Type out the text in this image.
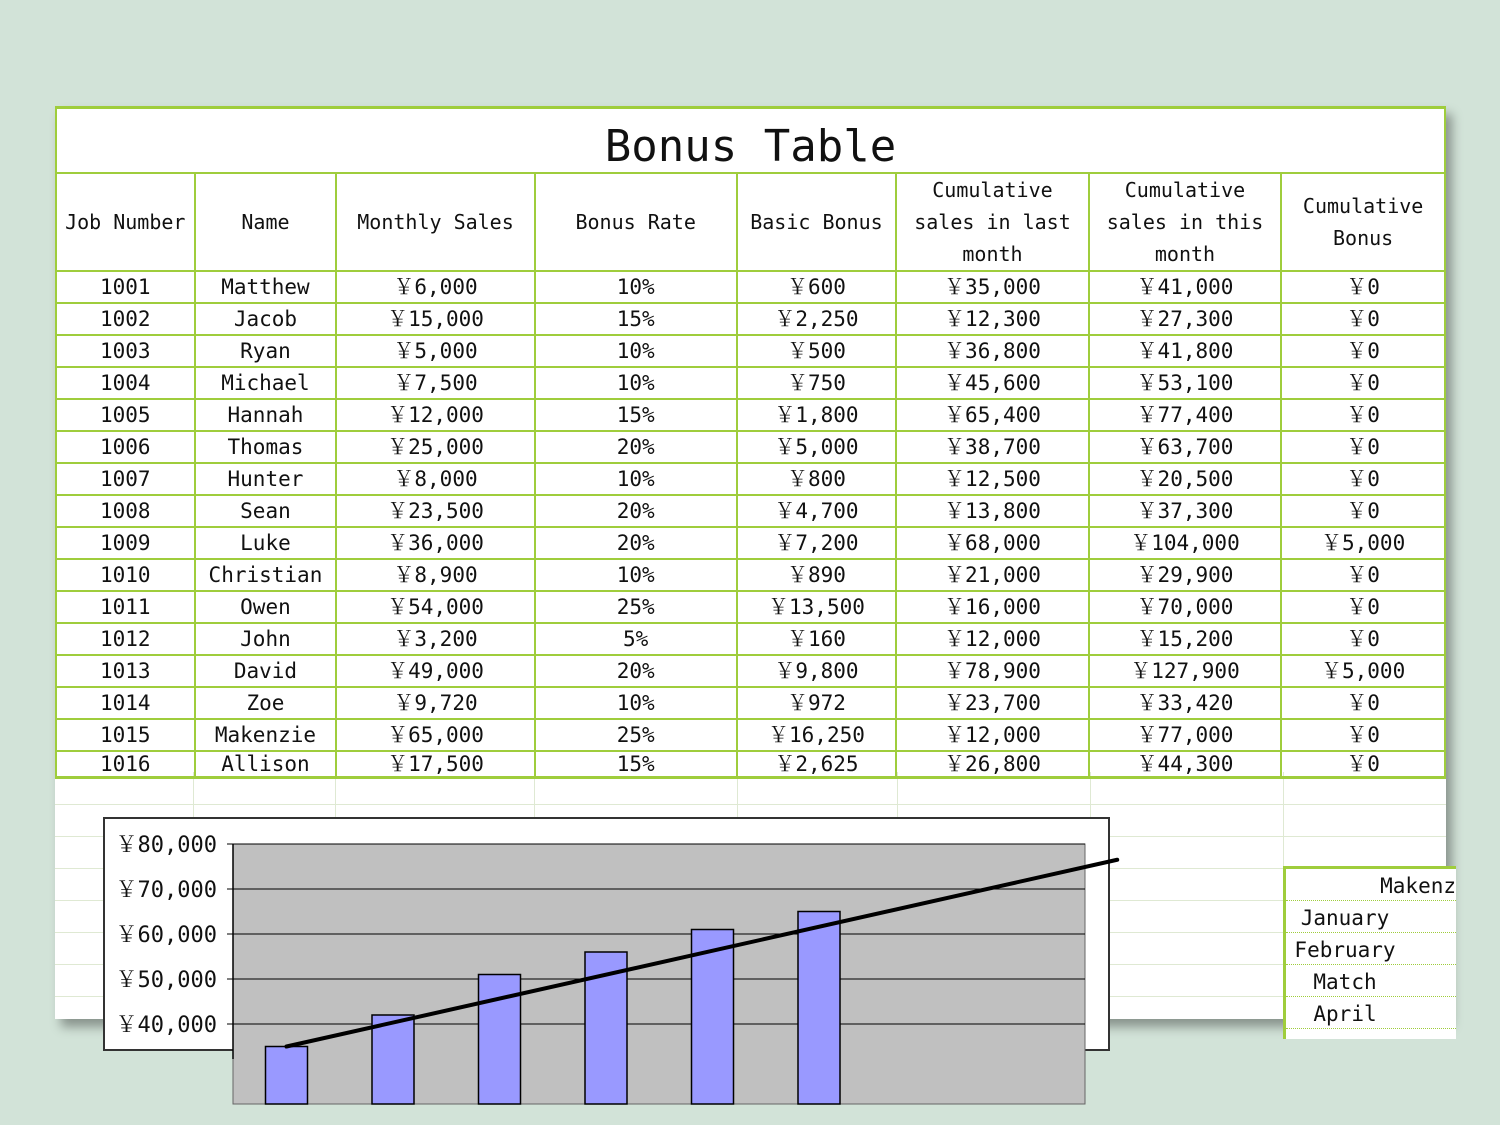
Bonus Table							
Job Number	Name	Monthly Sales	Bonus Rate	Basic Bonus	Cumulative sales in last month	Cumulative sales in this month	Cumulative Bonus
1001	Matthew	￥6,000	10%	￥600	￥35,000	￥41,000	￥0
1002	Jacob	￥15,000	15%	￥2,250	￥12,300	￥27,300	￥0
1003	Ryan	￥5,000	10%	￥500	￥36,800	￥41,800	￥0
1004	Michael	￥7,500	10%	￥750	￥45,600	￥53,100	￥0
1005	Hannah	￥12,000	15%	￥1,800	￥65,400	￥77,400	￥0
1006	Thomas	￥25,000	20%	￥5,000	￥38,700	￥63,700	￥0
1007	Hunter	￥8,000	10%	￥800	￥12,500	￥20,500	￥0
1008	Sean	￥23,500	20%	￥4,700	￥13,800	￥37,300	￥0
1009	Luke	￥36,000	20%	￥7,200	￥68,000	￥104,000	￥5,000
1010	Christian	￥8,900	10%	￥890	￥21,000	￥29,900	￥0
1011	Owen	￥54,000	25%	￥13,500	￥16,000	￥70,000	￥0
1012	John	￥3,200	5%	￥160	￥12,000	￥15,200	￥0
1013	David	￥49,000	20%	￥9,800	￥78,900	￥127,900	￥5,000
1014	Zoe	￥9,720	10%	￥972	￥23,700	￥33,420	￥0
1015	Makenzie	￥65,000	25%	￥16,250	￥12,000	￥77,000	￥0
1016	Allison	￥17,500	15%	￥2,625	￥26,800	￥44,300	￥0
￥80,000
￥70,000
￥60,000
￥50,000
￥40,000
Makenz
January
February
Match
April
